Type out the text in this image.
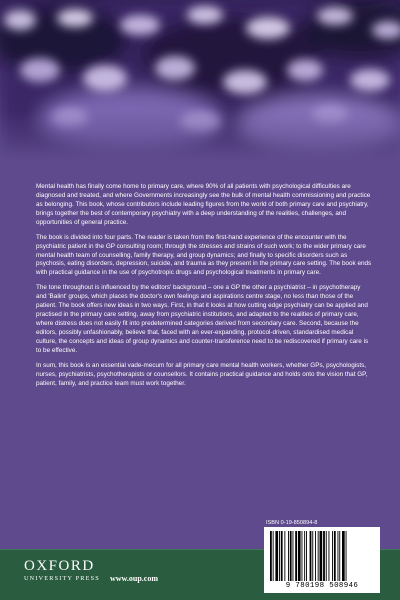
Mental health has finally come home to primary care, where 90% of all patients with psychological difficulties are diagnosed and treated, and where Governments increasingly see the bulk of mental health commissioning and practice as belonging. This book, whose contributors include leading figures from the world of both primary care and psychiatry, brings together the best of contemporary psychiatry with a deep understanding of the realities, challenges, and opportunities of general practice.

The book is divided into four parts. The reader is taken from the first-hand experience of the encounter with the psychiatric patient in the GP consulting room; through the stresses and strains of such work; to the wider primary care mental health team of counselling, family therapy, and group dynamics; and finally to specific disorders such as psychosis, eating disorders, depression, suicide, and trauma as they present in the primary care setting. The book ends with practical guidance in the use of psychotropic drugs and psychological treatments in primary care.

The tone throughout is influenced by the editors' background – one a GP the other a psychiatrist – in psychotherapy and 'Balint' groups, which places the doctor's own feelings and aspirations centre stage, no less than those of the patient. The book offers new ideas in two ways. First, in that it looks at how cutting edge psychiatry can be applied and practised in the primary care setting, away from psychiatric institutions, and adapted to the realities of primary care, where distress does not easily fit into predetermined categories derived from secondary care. Second, because the editors, possibly unfashionably, believe that, faced with an ever-expanding, protocol-driven, standardised medical culture, the concepts and ideas of group dynamics and counter-transference need to be rediscovered if primary care is to be effective.

In sum, this book is an essential vade-mecum for all primary care mental health workers, whether GPs, psychologists, nurses, psychiatrists, psychotherapists or counsellors. It contains practical guidance and holds onto the vision that GP, patient, family, and practice team must work together.

OXFORD
UNIVERSITY PRESS www.oup.com
ISBN 0-19-850894-8
9 780198 508946
